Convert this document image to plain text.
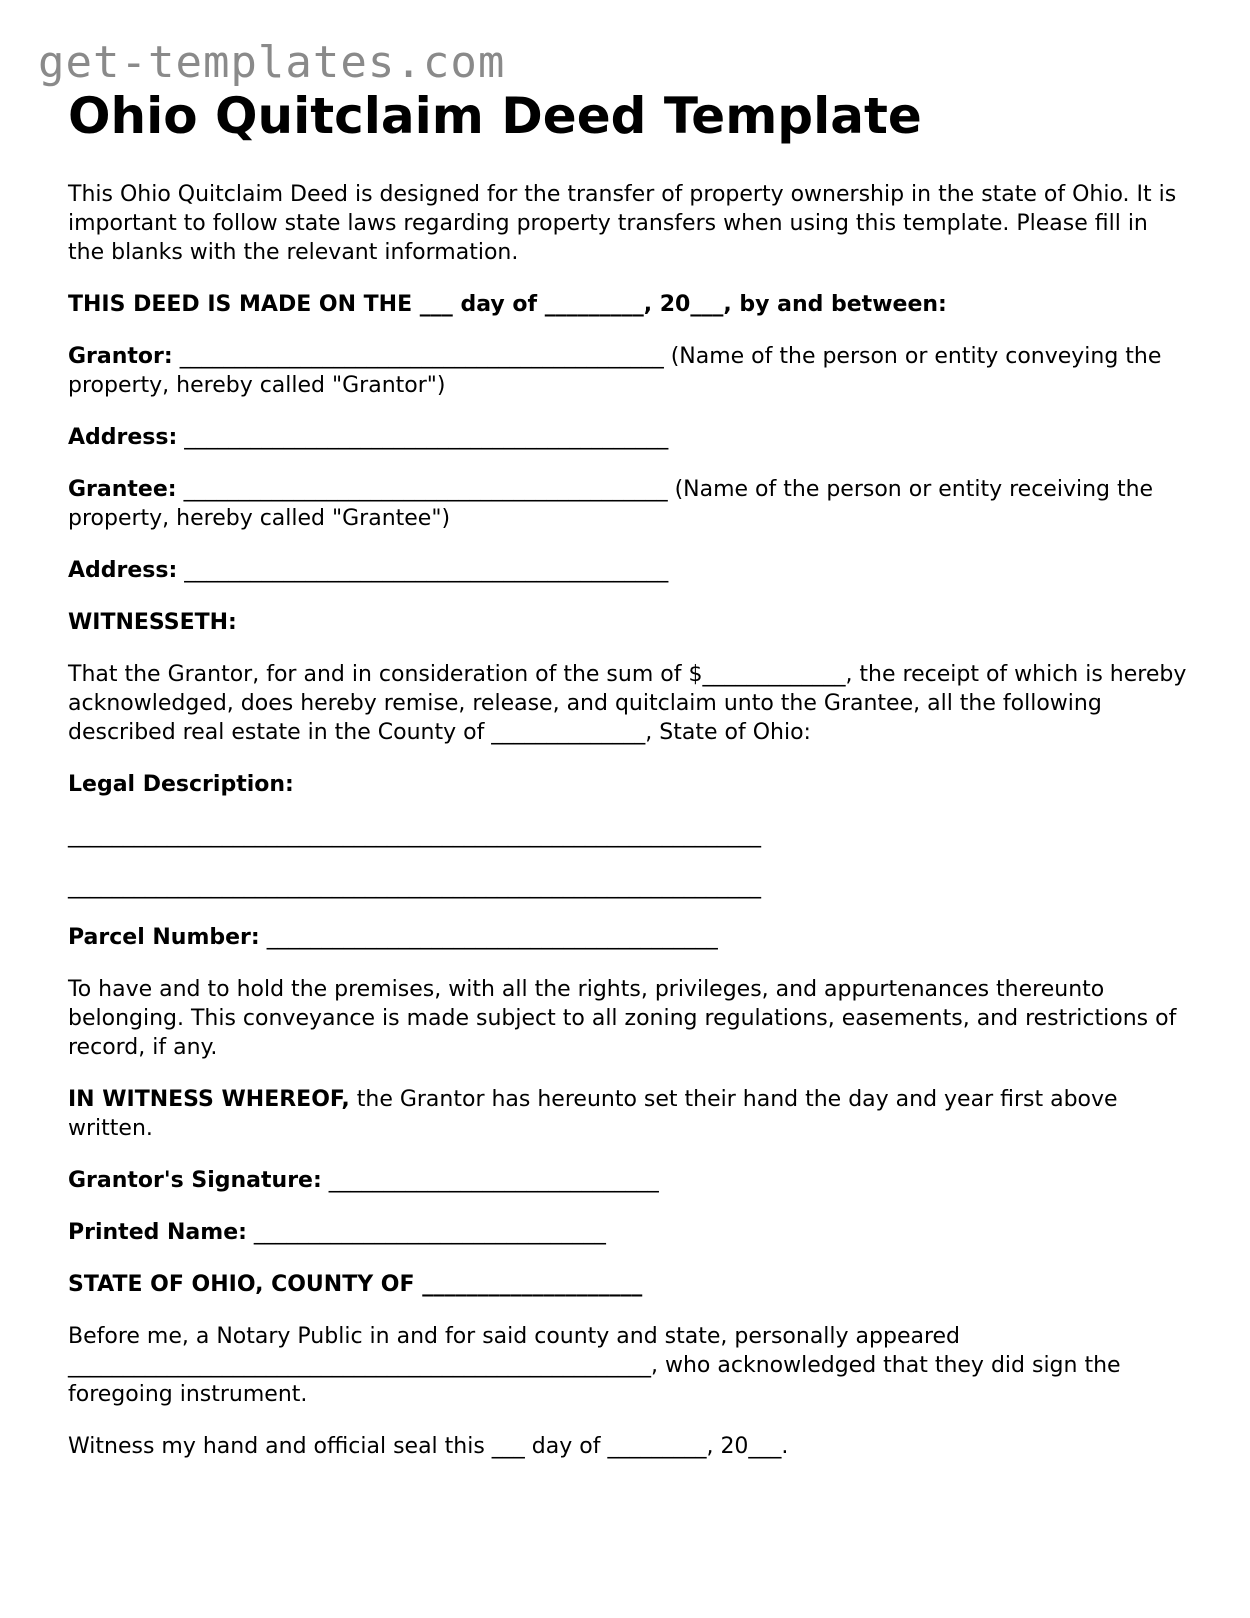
get-templates.com
Ohio Quitclaim Deed Template

This Ohio Quitclaim Deed is designed for the transfer of property ownership in the state of Ohio. It is important to follow state laws regarding property transfers when using this template. Please fill in the blanks with the relevant information.

THIS DEED IS MADE ON THE ___ day of _________, 20___, by and between:

Grantor: ____________________________________________ (Name of the person or entity conveying the property, hereby called "Grantor")

Address: ____________________________________________

Grantee: ____________________________________________ (Name of the person or entity receiving the property, hereby called "Grantee")

Address: ____________________________________________

WITNESSETH:

That the Grantor, for and in consideration of the sum of $_____________, the receipt of which is hereby acknowledged, does hereby remise, release, and quitclaim unto the Grantee, all the following described real estate in the County of ______________, State of Ohio:

Legal Description:

_______________________________________________________________

_______________________________________________________________

Parcel Number: _________________________________________

To have and to hold the premises, with all the rights, privileges, and appurtenances thereunto belonging. This conveyance is made subject to all zoning regulations, easements, and restrictions of record, if any.

IN WITNESS WHEREOF, the Grantor has hereunto set their hand the day and year first above written.

Grantor's Signature: ______________________________

Printed Name: ________________________________

STATE OF OHIO, COUNTY OF ____________________

Before me, a Notary Public in and for said county and state, personally appeared _____________________________________________________, who acknowledged that they did sign the foregoing instrument.

Witness my hand and official seal this ___ day of _________, 20___.
